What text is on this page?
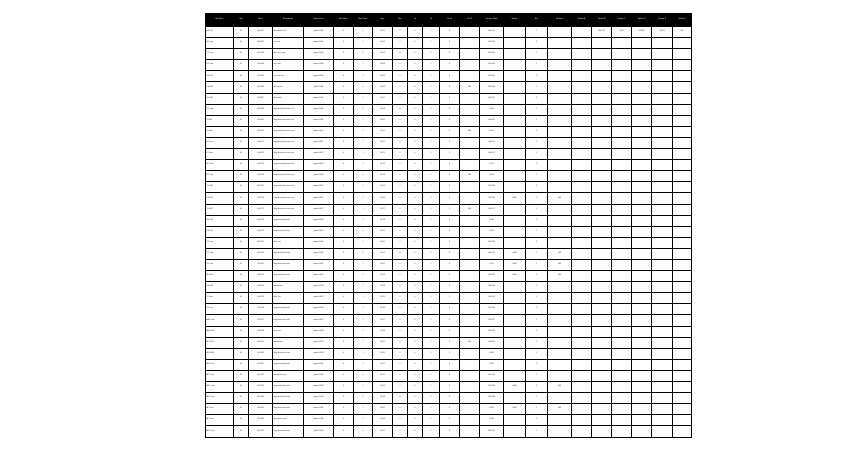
Identifier	Grp	Value	Description	Parameters	Min Value	Max Value	Type	Size	Lo	Hi	Col A	Col B	Column Value	Status	Ref	Default	Option A	Option B	Option C	Option D	Option E	Option F
A-0-001	01	00.0001	description text	param 0001	0	1	00.01	0	0	1	0		000.001		1			000.001	0.001	0.0001	000.01	001
B-1 item	01	00.0002	text text	param 0002	0	1	00.02	0	0	1	0		000.002		1							
C-1 item	01	00.0003	desc text more	param 0003	0	1	00.03	0	0	1	0		000.003		1							
D-2 item	01	00.0004	desc text	param 0004	0	1	00.04	0	0	1	0		000.004		1							
E-0-005	01	00.0005	text text text	param 0005	0	1	00.05	0	0	1	0		000.005		1							
F-0-006	01	00.0006	description	param 0006	0	1	00.06	0	0	1	0	000	000.006		1							
G-0-007	01	00.0007	desc desc	param 0007	0	1	00.07	0	0	1	0		000.007		1							
H-1 item	01	00.0008	long description text here	param 0008	0	1	00.08	0	0	1	0		0.008		1							
I-0-009	01	00.0009	long description text here	param 0009	0	1	00.09	0	0	1	0		000.009		1							
J-1 item	01	00.0010	long description text here	param 0010	0	1	00.10	0	0	1	0	000	0.010		1							
K-1 item	01	00.0011	long description text here	param 0011	0	1	00.11	0	0	1	0		000.011		1							
L-1 item	01	00.0012	long description text here	param 0012	0	1	00.12	0	0	1	0		000.012		1							
M-1 item	01	00.0013	long description text here	param 0013	0	1	00.13	0	0	1	0		0.013		1							
N-1 item	01	00.0014	long description text here	param 0014	0	1	00.14	0	0	1	0	000	0.014		1							
O-0-015	01	00.0015	long description text here	param 0015	0	1	00.15	0	0	1	0		000.015		1							
P-0-016	01	00.0016	long description text here	param 0016	0	1	00.16	0	0	1	0		000.016	0000	1	000						
Q-0-017	01	00.0017	long description text here	param 0017	0	1	00.17	0	0	1	0	000	000.017		1							
R-0-018	01	00.0018	long description text	param 0018	0	1	00.18	0	0	1	0		0.018		1							
S-0-019	01	00.0019	long description text	param 0019	0	1	00.19	0	0	1	0		0.019		1							
T-1 item	01	00.0020	desc text	param 0020	0	1	00.20	0	0	1	0		000.020		1							
U-1 item	01	00.0021	long description text	param 0021	0	1	00.21	0	0	1	0		000.021	0000	1	000						
V-1 item	01	00.0022	long description text	param 0022	0	1	00.22	0	0	1	0		0.022	0000	1	000						
W-0-023	01	00.0023	long description text	param 0023	0	1	00.23	0	0	1	0		000.023	0000	1	000						
X-0-024	01	00.0024	description	param 0024	0	1	00.24	0	0	1	0		000.024		1							
Y-1 item	01	00.0025	desc text	param 0025	0	1	00.25	0	0	1	0		000.025		1							
Z-1 item	01	00.0026	long description text	param 0026	0	1	00.26	0	0	1	0		000.026		1							
AA-1 item	01	00.0027	long description text	param 0027	0	1	00.27	0	0	1	0		000.027		1							
AB-0-028	01	00.0028	desc text	param 0028	0	1	00.28	0	0	1	0		000.028		1							
AC-0-029	01	00.0029	description	param 0029	0	1	00.29	0	0	1	0	000	000.029		1							
AD-0-030	01	00.0030	long description text	param 0030	0	1	00.30	0	0	1	0		0.030		1							
AE-1 item	01	00.0031	long description text	param 0031	0	1	00.31	0	0	1	0		0.031		1							
AF-1 item	01	00.0032	description text	param 0032	0	1	00.32	0	0	1	0		000.032		1							
AG-1 item	01	00.0033	long description text	param 0033	0	1	00.33	0	0	1	0		000.033	0000	1	000						
AH-1 item	01	00.0034	long description text	param 0034	0	1	00.34	0	0	1	0		000.034		1							
AI-1 item	01	00.0035	long description text	param 0035	0	1	00.35	0	0	1	0		0.035	0000	1	000						
AJ-1 item	01	00.0036	description text	param 0036	0	1	00.36	0	0	1	0		0.036		1							
AK-1 item	01	00.0037	long description text	param 0037	0	1	00.37	0	0	1	0		000.037		1							
